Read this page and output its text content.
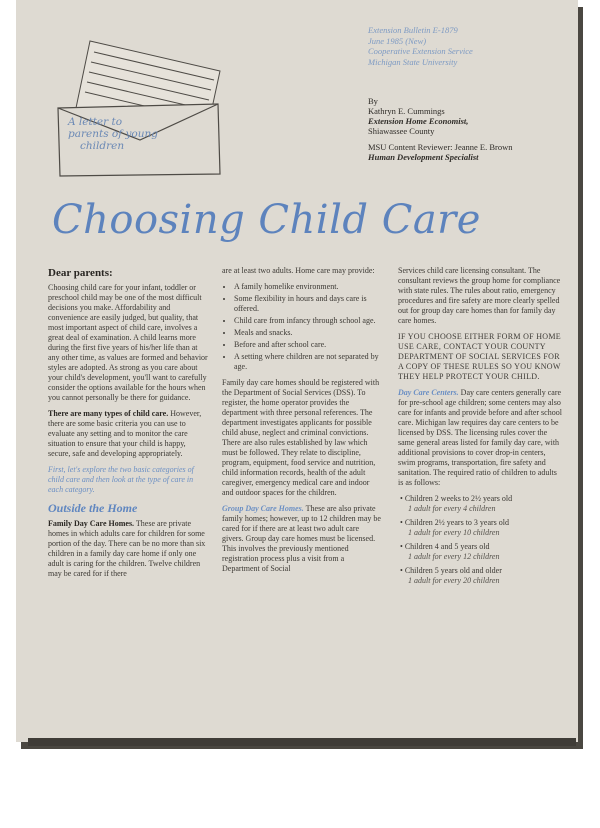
A letter to
parents of young
children
Extension Bulletin E-1879
June 1985 (New)
Cooperative Extension Service
Michigan State University
By
Kathryn E. Cummings
Extension Home Economist,
Shiawassee County
MSU Content Reviewer: Jeanne E. Brown
Human Development Specialist
Choosing Child Care
Dear parents:

Choosing child care for your infant, toddler or preschool child may be one of the most difficult decisions you make. Affordability and convenience are easily judged, but quality, that most important aspect of child care, involves a great deal of examination. A child learns more during the first five years of his/her life than at any other time, as values are formed and behavior styles are adopted. As strong as you care about your child's development, you'll want to carefully consider the options available for the hours when you cannot personally be there for guidance.

There are many types of child care. However, there are some basic criteria you can use to evaluate any setting and to monitor the care situation to ensure that your child is happy, secure, safe and developing appropriately.

First, let's explore the two basic categories of child care and then look at the type of care in each category.

Outside the Home

Family Day Care Homes. These are private homes in which adults care for children for some portion of the day. There can be no more than six children in a family day care home if only one adult is caring for the children. Twelve children may be cared for if there

are at least two adults. Home care may provide:

• A family homelike environment.
• Some flexibility in hours and days care is offered.
• Child care from infancy through school age.
• Meals and snacks.
• Before and after school care.
• A setting where children are not separated by age.

Family day care homes should be registered with the Department of Social Services (DSS). To register, the home operator provides the department with three personal references. The department investigates applicants for possible child abuse, neglect and criminal convictions. There are also rules established by law which must be followed. They relate to discipline, program, equipment, food service and nutrition, child information records, health of the adult caregiver, emergency medical care and indoor and outdoor spaces for the children.

Group Day Care Homes. These are also private family homes; however, up to 12 children may be cared for if there are at least two adult care givers. Group day care homes must be licensed. This involves the previously mentioned registration process plus a visit from a Department of Social

Services child care licensing consultant. The consultant reviews the group home for compliance with state rules. The rules about ratio, emergency procedures and fire safety are more clearly spelled out for group day care homes than for family day care homes.

IF YOU CHOOSE EITHER FORM OF HOME USE CARE, CONTACT YOUR COUNTY DEPARTMENT OF SOCIAL SERVICES FOR A COPY OF THESE RULES SO YOU KNOW THEY HELP PROTECT YOUR CHILD.

Day Care Centers. Day care centers generally care for pre-school age children; some centers may also care for infants and provide before and after school care. Michigan law requires day care centers to be licensed by DSS. The licensing rules cover the same general areas listed for family day care, with additional provisions to cover drop-in centers, swim programs, transportation, fire safety and sanitation. The required ratio of children to adults is as follows:

• Children 2 weeks to 2½ years old
1 adult for every 4 children
• Children 2½ years to 3 years old
1 adult for every 10 children
• Children 4 and 5 years old
1 adult for every 12 children
• Children 5 years old and older
1 adult for every 20 children
